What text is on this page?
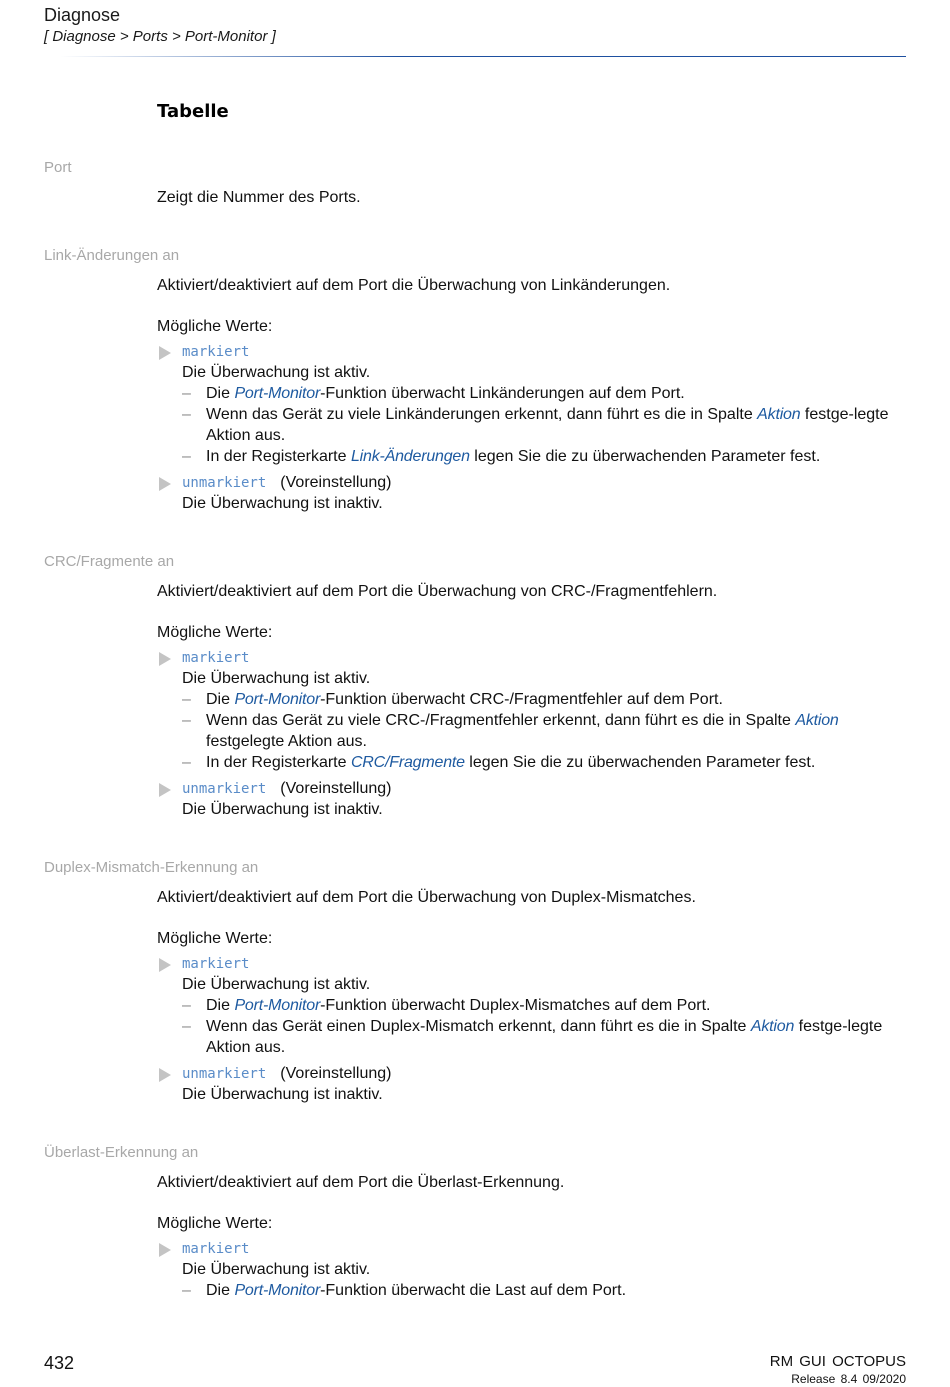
Diagnose
[ Diagnose > Ports > Port-Monitor ]
Tabelle
Port
Zeigt die Nummer des Ports.
Link-Änderungen an
Aktiviert/deaktiviert auf dem Port die Überwachung von Linkänderungen.
Mögliche Werte:
markiert
Die Überwachung ist aktiv.
– Die Port-Monitor-Funktion überwacht Linkänderungen auf dem Port.
– Wenn das Gerät zu viele Linkänderungen erkennt, dann führt es die in Spalte Aktion festge-legte Aktion aus.
– In der Registerkarte Link-Änderungen legen Sie die zu überwachenden Parameter fest.
unmarkiert (Voreinstellung)
Die Überwachung ist inaktiv.
CRC/Fragmente an
Aktiviert/deaktiviert auf dem Port die Überwachung von CRC-/Fragmentfehlern.
Mögliche Werte:
markiert
Die Überwachung ist aktiv.
– Die Port-Monitor-Funktion überwacht CRC-/Fragmentfehler auf dem Port.
– Wenn das Gerät zu viele CRC-/Fragmentfehler erkennt, dann führt es die in Spalte Aktion festgelegte Aktion aus.
– In der Registerkarte CRC/Fragmente legen Sie die zu überwachenden Parameter fest.
unmarkiert (Voreinstellung)
Die Überwachung ist inaktiv.
Duplex-Mismatch-Erkennung an
Aktiviert/deaktiviert auf dem Port die Überwachung von Duplex-Mismatches.
Mögliche Werte:
markiert
Die Überwachung ist aktiv.
– Die Port-Monitor-Funktion überwacht Duplex-Mismatches auf dem Port.
– Wenn das Gerät einen Duplex-Mismatch erkennt, dann führt es die in Spalte Aktion festge-legte Aktion aus.
unmarkiert (Voreinstellung)
Die Überwachung ist inaktiv.
Überlast-Erkennung an
Aktiviert/deaktiviert auf dem Port die Überlast-Erkennung.
Mögliche Werte:
markiert
Die Überwachung ist aktiv.
– Die Port-Monitor-Funktion überwacht die Last auf dem Port.
432	RM GUI OCTOPUS
Release 8.4 09/2020
